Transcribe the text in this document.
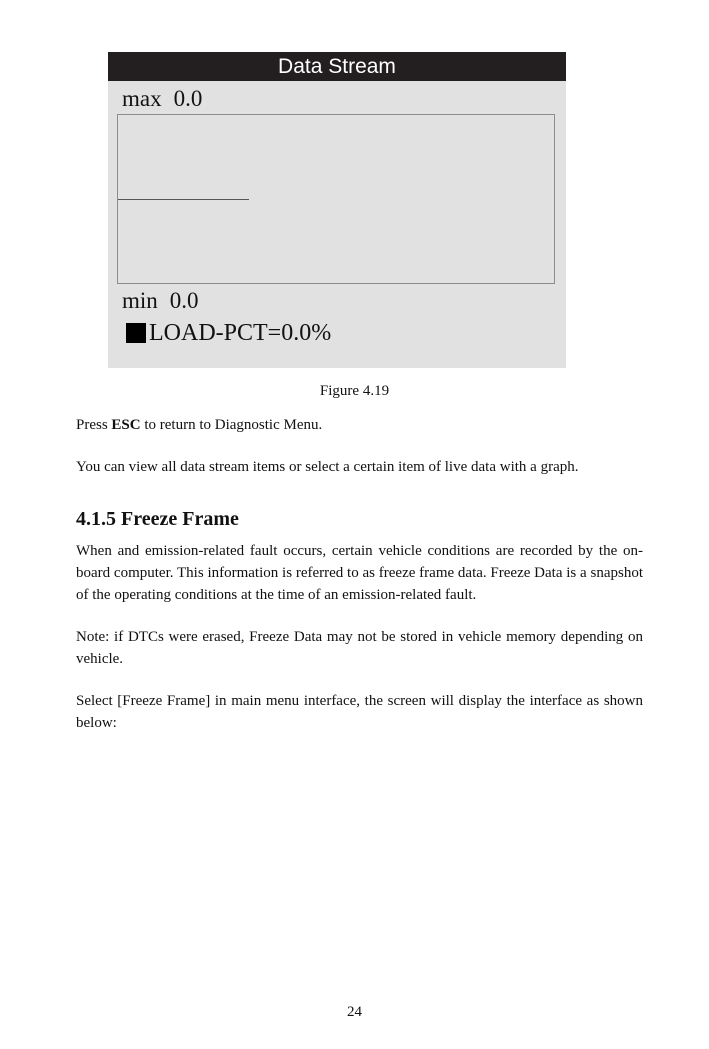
Data Stream
max 0.0
min 0.0
LOAD-PCT=0.0%
Figure 4.19

Press ESC to return to Diagnostic Menu.

You can view all data stream items or select a certain item of live data with a graph.

4.1.5 Freeze Frame

When and emission-related fault occurs, certain vehicle conditions are recorded by the on-board computer. This information is referred to as freeze frame data. Freeze Data is a snapshot of the operating conditions at the time of an emission-related fault.

Note: if DTCs were erased, Freeze Data may not be stored in vehicle memory depending on vehicle.

Select [Freeze Frame] in main menu interface, the screen will display the interface as shown below:

24
